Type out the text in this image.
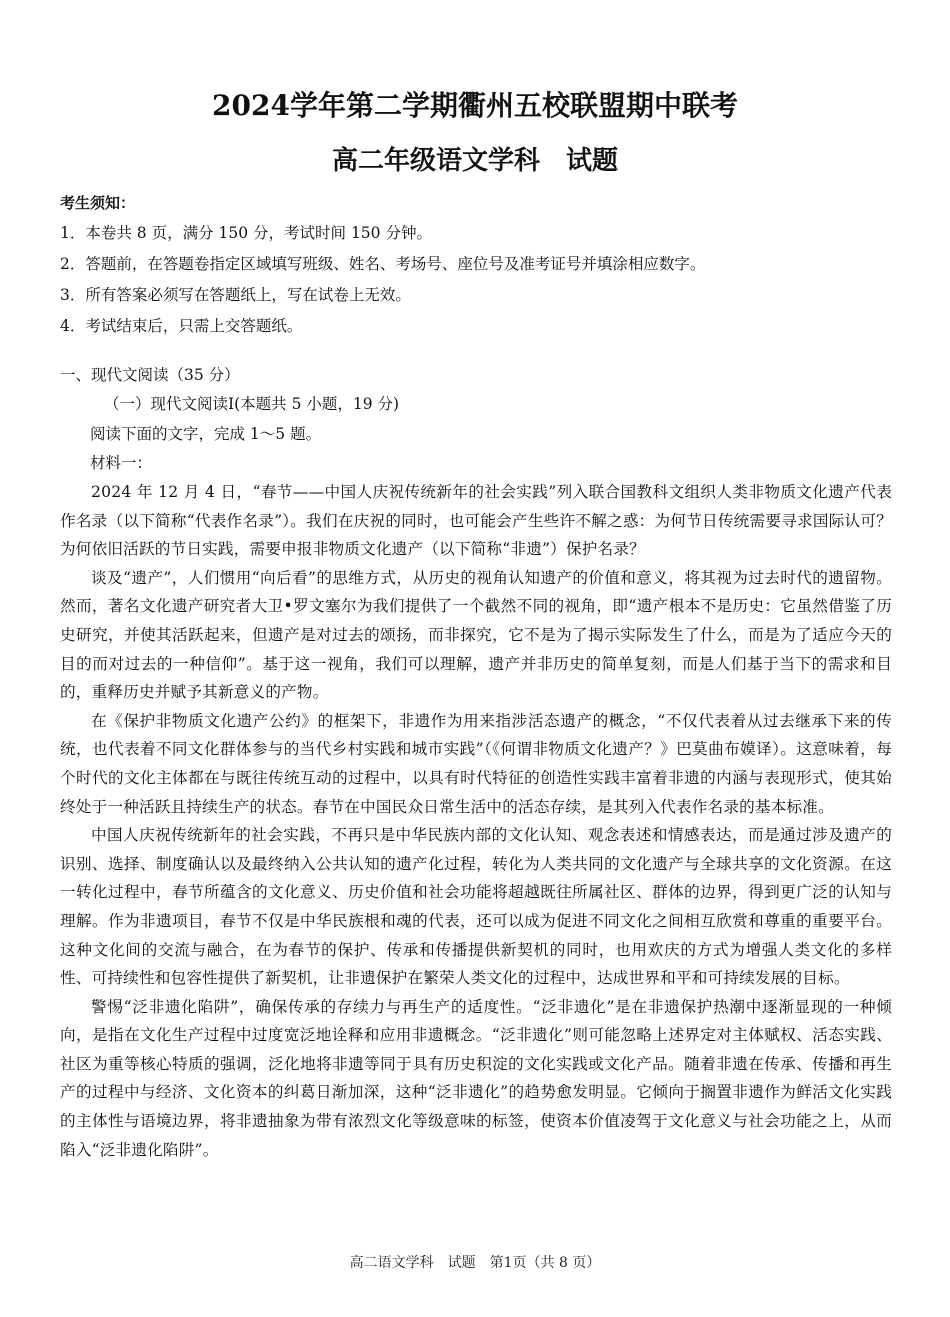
2024学年第二学期衢州五校联盟期中联考
高二年级语文学科　试题
考生须知：
1．本卷共 8 页，满分 150 分，考试时间 150 分钟。
2．答题前，在答题卷指定区域填写班级、姓名、考场号、座位号及准考证号并填涂相应数字。
3．所有答案必须写在答题纸上，写在试卷上无效。
4．考试结束后，只需上交答题纸。
一、现代文阅读（35 分）
（一）现代文阅读Ⅰ(本题共 5 小题，19 分)
阅读下面的文字，完成 1～5 题。
材料一：

2024 年 12 月 4 日，“春节——中国人庆祝传统新年的社会实践”列入联合国教科文组织人类非物质文化遗产代表作名录（以下简称“代表作名录”）。我们在庆祝的同时，也可能会产生些许不解之惑：为何节日传统需要寻求国际认可？为何依旧活跃的节日实践，需要申报非物质文化遗产（以下简称“非遗”）保护名录？

谈及“遗产”，人们惯用“向后看”的思维方式，从历史的视角认知遗产的价值和意义，将其视为过去时代的遗留物。然而，著名文化遗产研究者大卫•罗文塞尔为我们提供了一个截然不同的视角，即“遗产根本不是历史：它虽然借鉴了历史研究，并使其活跃起来，但遗产是对过去的颂扬，而非探究，它不是为了揭示实际发生了什么，而是为了适应今天的目的而对过去的一种信仰”。基于这一视角，我们可以理解，遗产并非历史的简单复刻，而是人们基于当下的需求和目的，重释历史并赋予其新意义的产物。

在《保护非物质文化遗产公约》的框架下，非遗作为用来指涉活态遗产的概念，“不仅代表着从过去继承下来的传统，也代表着不同文化群体参与的当代乡村实践和城市实践”（《何谓非物质文化遗产？》巴莫曲布嫫译）。这意味着，每个时代的文化主体都在与既往传统互动的过程中，以具有时代特征的创造性实践丰富着非遗的内涵与表现形式，使其始终处于一种活跃且持续生产的状态。春节在中国民众日常生活中的活态存续，是其列入代表作名录的基本标准。

中国人庆祝传统新年的社会实践，不再只是中华民族内部的文化认知、观念表述和情感表达，而是通过涉及遗产的识别、选择、制度确认以及最终纳入公共认知的遗产化过程，转化为人类共同的文化遗产与全球共享的文化资源。在这一转化过程中，春节所蕴含的文化意义、历史价值和社会功能将超越既往所属社区、群体的边界，得到更广泛的认知与理解。作为非遗项目，春节不仅是中华民族根和魂的代表，还可以成为促进不同文化之间相互欣赏和尊重的重要平台。这种文化间的交流与融合，在为春节的保护、传承和传播提供新契机的同时，也用欢庆的方式为增强人类文化的多样性、可持续性和包容性提供了新契机，让非遗保护在繁荣人类文化的过程中，达成世界和平和可持续发展的目标。

警惕“泛非遗化陷阱”，确保传承的存续力与再生产的适度性。“泛非遗化”是在非遗保护热潮中逐渐显现的一种倾向，是指在文化生产过程中过度宽泛地诠释和应用非遗概念。“泛非遗化”则可能忽略上述界定对主体赋权、活态实践、社区为重等核心特质的强调，泛化地将非遗等同于具有历史积淀的文化实践或文化产品。随着非遗在传承、传播和再生产的过程中与经济、文化资本的纠葛日渐加深，这种“泛非遗化”的趋势愈发明显。它倾向于搁置非遗作为鲜活文化实践的主体性与语境边界，将非遗抽象为带有浓烈文化等级意味的标签，使资本价值凌驾于文化意义与社会功能之上，从而陷入“泛非遗化陷阱”。

高二语文学科　试题　第1页（共 8 页）
